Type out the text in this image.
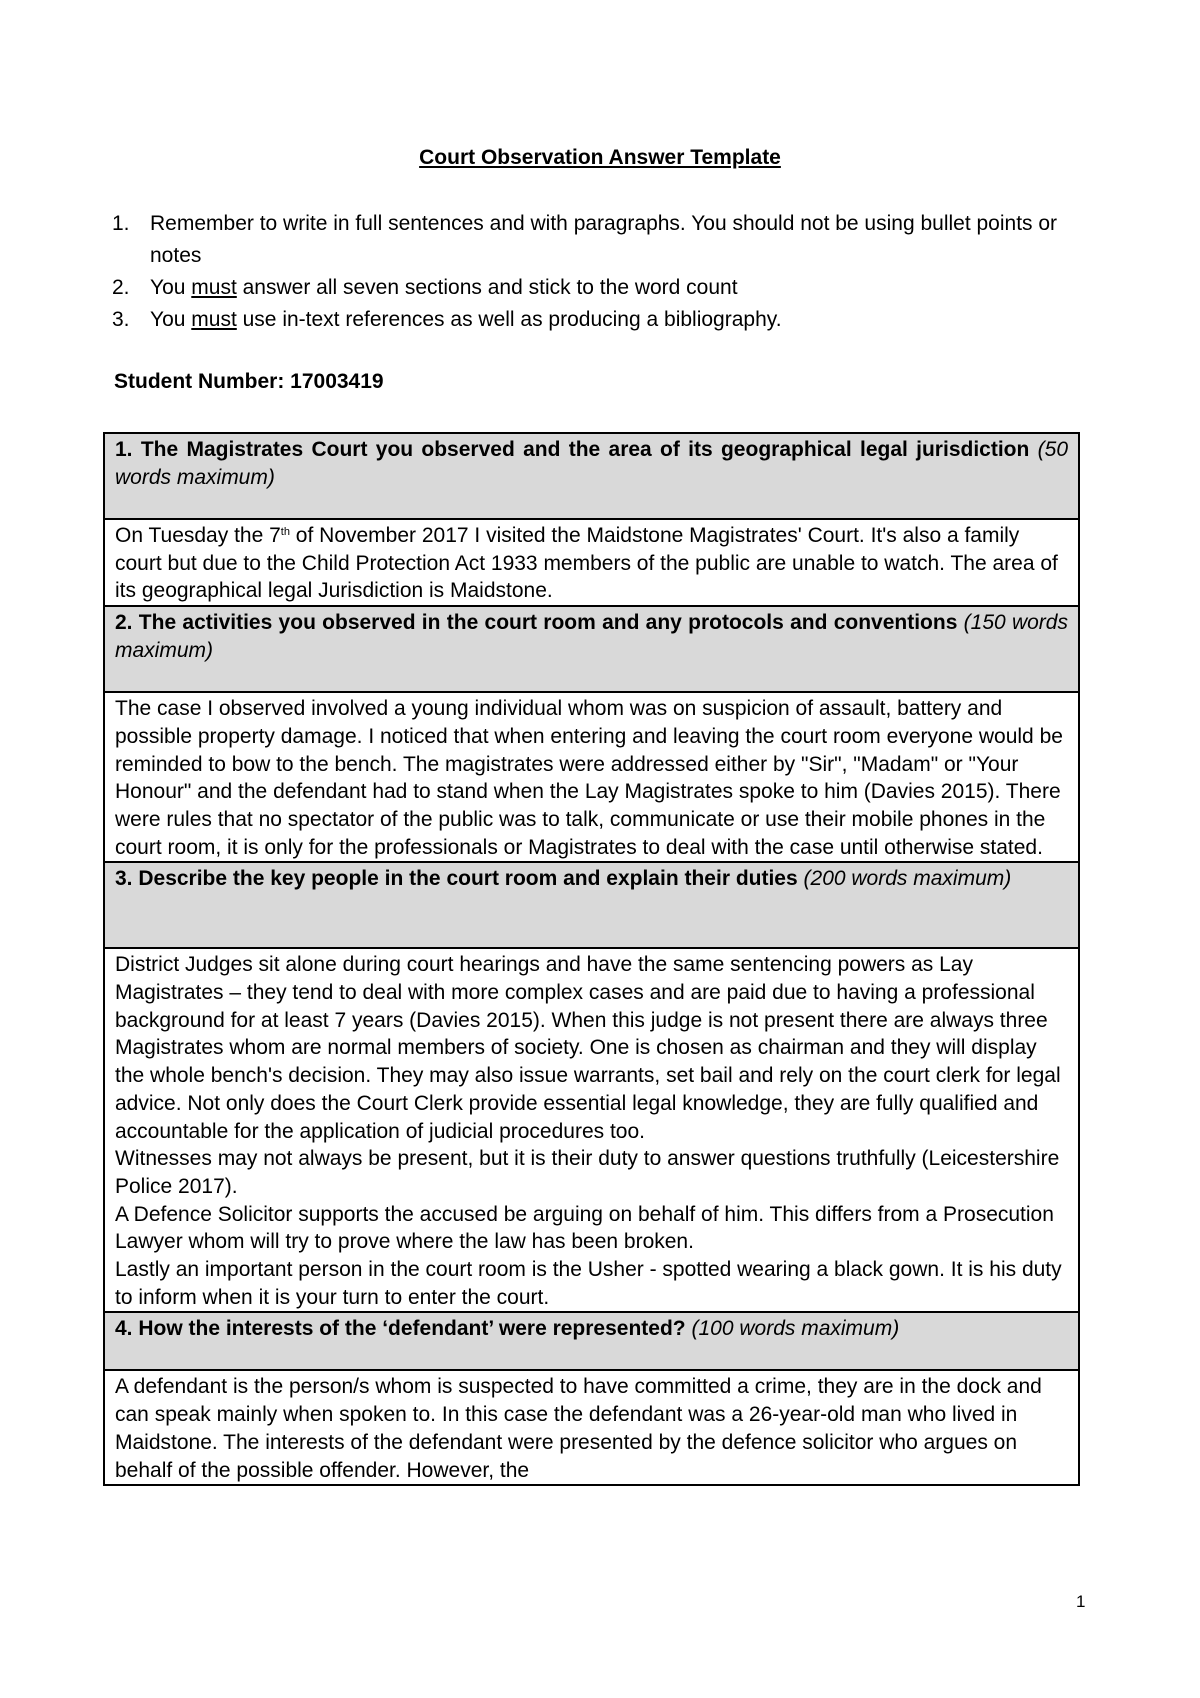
Court Observation Answer Template
1. Remember to write in full sentences and with paragraphs. You should not be using bullet points or notes
2. You must answer all seven sections and stick to the word count
3. You must use in-text references as well as producing a bibliography.
Student Number: 17003419
1. The Magistrates Court you observed and the area of its geographical legal jurisdiction (50 words maximum)
On Tuesday the 7th of November 2017 I visited the Maidstone Magistrates' Court. It's also a family court but due to the Child Protection Act 1933 members of the public are unable to watch. The area of its geographical legal Jurisdiction is Maidstone.
2. The activities you observed in the court room and any protocols and conventions (150 words maximum)
The case I observed involved a young individual whom was on suspicion of assault, battery and possible property damage. I noticed that when entering and leaving the court room everyone would be reminded to bow to the bench. The magistrates were addressed either by "Sir", "Madam" or "Your Honour" and the defendant had to stand when the Lay Magistrates spoke to him (Davies 2015). There were rules that no spectator of the public was to talk, communicate or use their mobile phones in the court room, it is only for the professionals or Magistrates to deal with the case until otherwise stated.
3. Describe the key people in the court room and explain their duties (200 words maximum)

District Judges sit alone during court hearings and have the same sentencing powers as Lay Magistrates – they tend to deal with more complex cases and are paid due to having a professional background for at least 7 years (Davies 2015). When this judge is not present there are always three Magistrates whom are normal members of society. One is chosen as chairman and they will display the whole bench's decision. They may also issue warrants, set bail and rely on the court clerk for legal advice. Not only does the Court Clerk provide essential legal knowledge, they are fully qualified and accountable for the application of judicial procedures too.

Witnesses may not always be present, but it is their duty to answer questions truthfully (Leicestershire Police 2017).

A Defence Solicitor supports the accused be arguing on behalf of him. This differs from a Prosecution Lawyer whom will try to prove where the law has been broken.

Lastly an important person in the court room is the Usher - spotted wearing a black gown. It is his duty to inform when it is your turn to enter the court.

4. How the interests of the ‘defendant’ were represented? (100 words maximum)
A defendant is the person/s whom is suspected to have committed a crime, they are in the dock and can speak mainly when spoken to. In this case the defendant was a 26-year-old man who lived in Maidstone. The interests of the defendant were presented by the defence solicitor who argues on behalf of the possible offender. However, the
1
